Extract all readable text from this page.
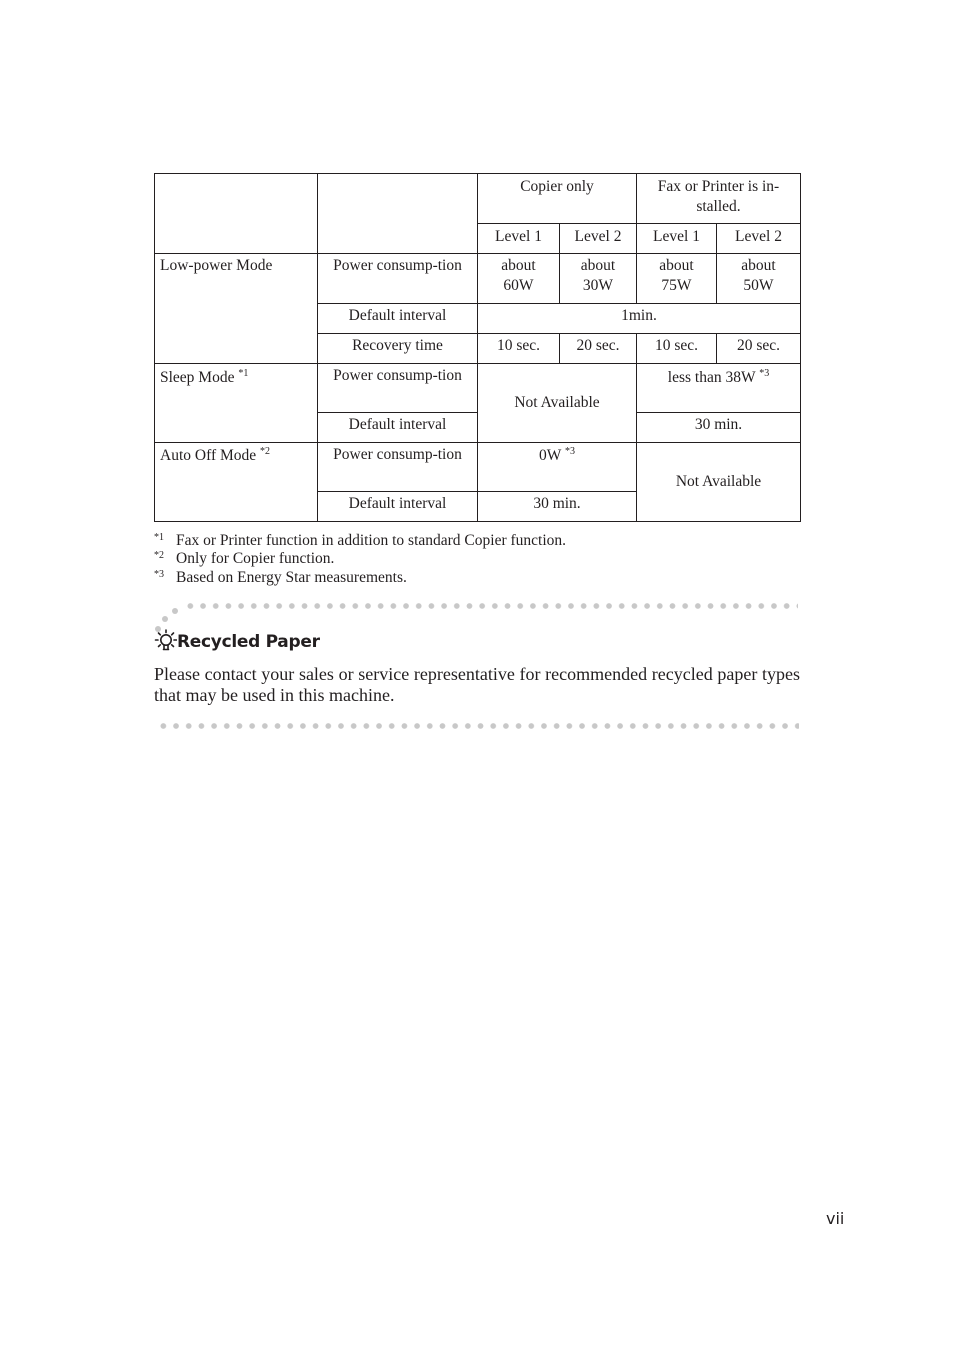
		Copier only		Fax or Printer is in-stalled.	
		Level 1	Level 2	Level 1	Level 2
Low-power Mode	Power consump-tion	about 60W	about 30W	about 75W	about 50W
	Default interval	1min.			
	Recovery time	10 sec.	20 sec.	10 sec.	20 sec.
Sleep Mode $^{*1}$	Power consump-tion	Not Available		less than 38W $^{*3}$
	Default interval			30 min.	
Auto Off Mode $^{*2}$	Power consump-tion	0W $^{*3}$		Not Available	
	Default interval	30 min.			
*1 Fax or Printer function in addition to standard Copier function.
*2 Only for Copier function.
*3 Based on Energy Star measurements.
Recycled Paper
Please contact your sales or service representative for recommended recycled paper types that may be used in this machine.
vii
